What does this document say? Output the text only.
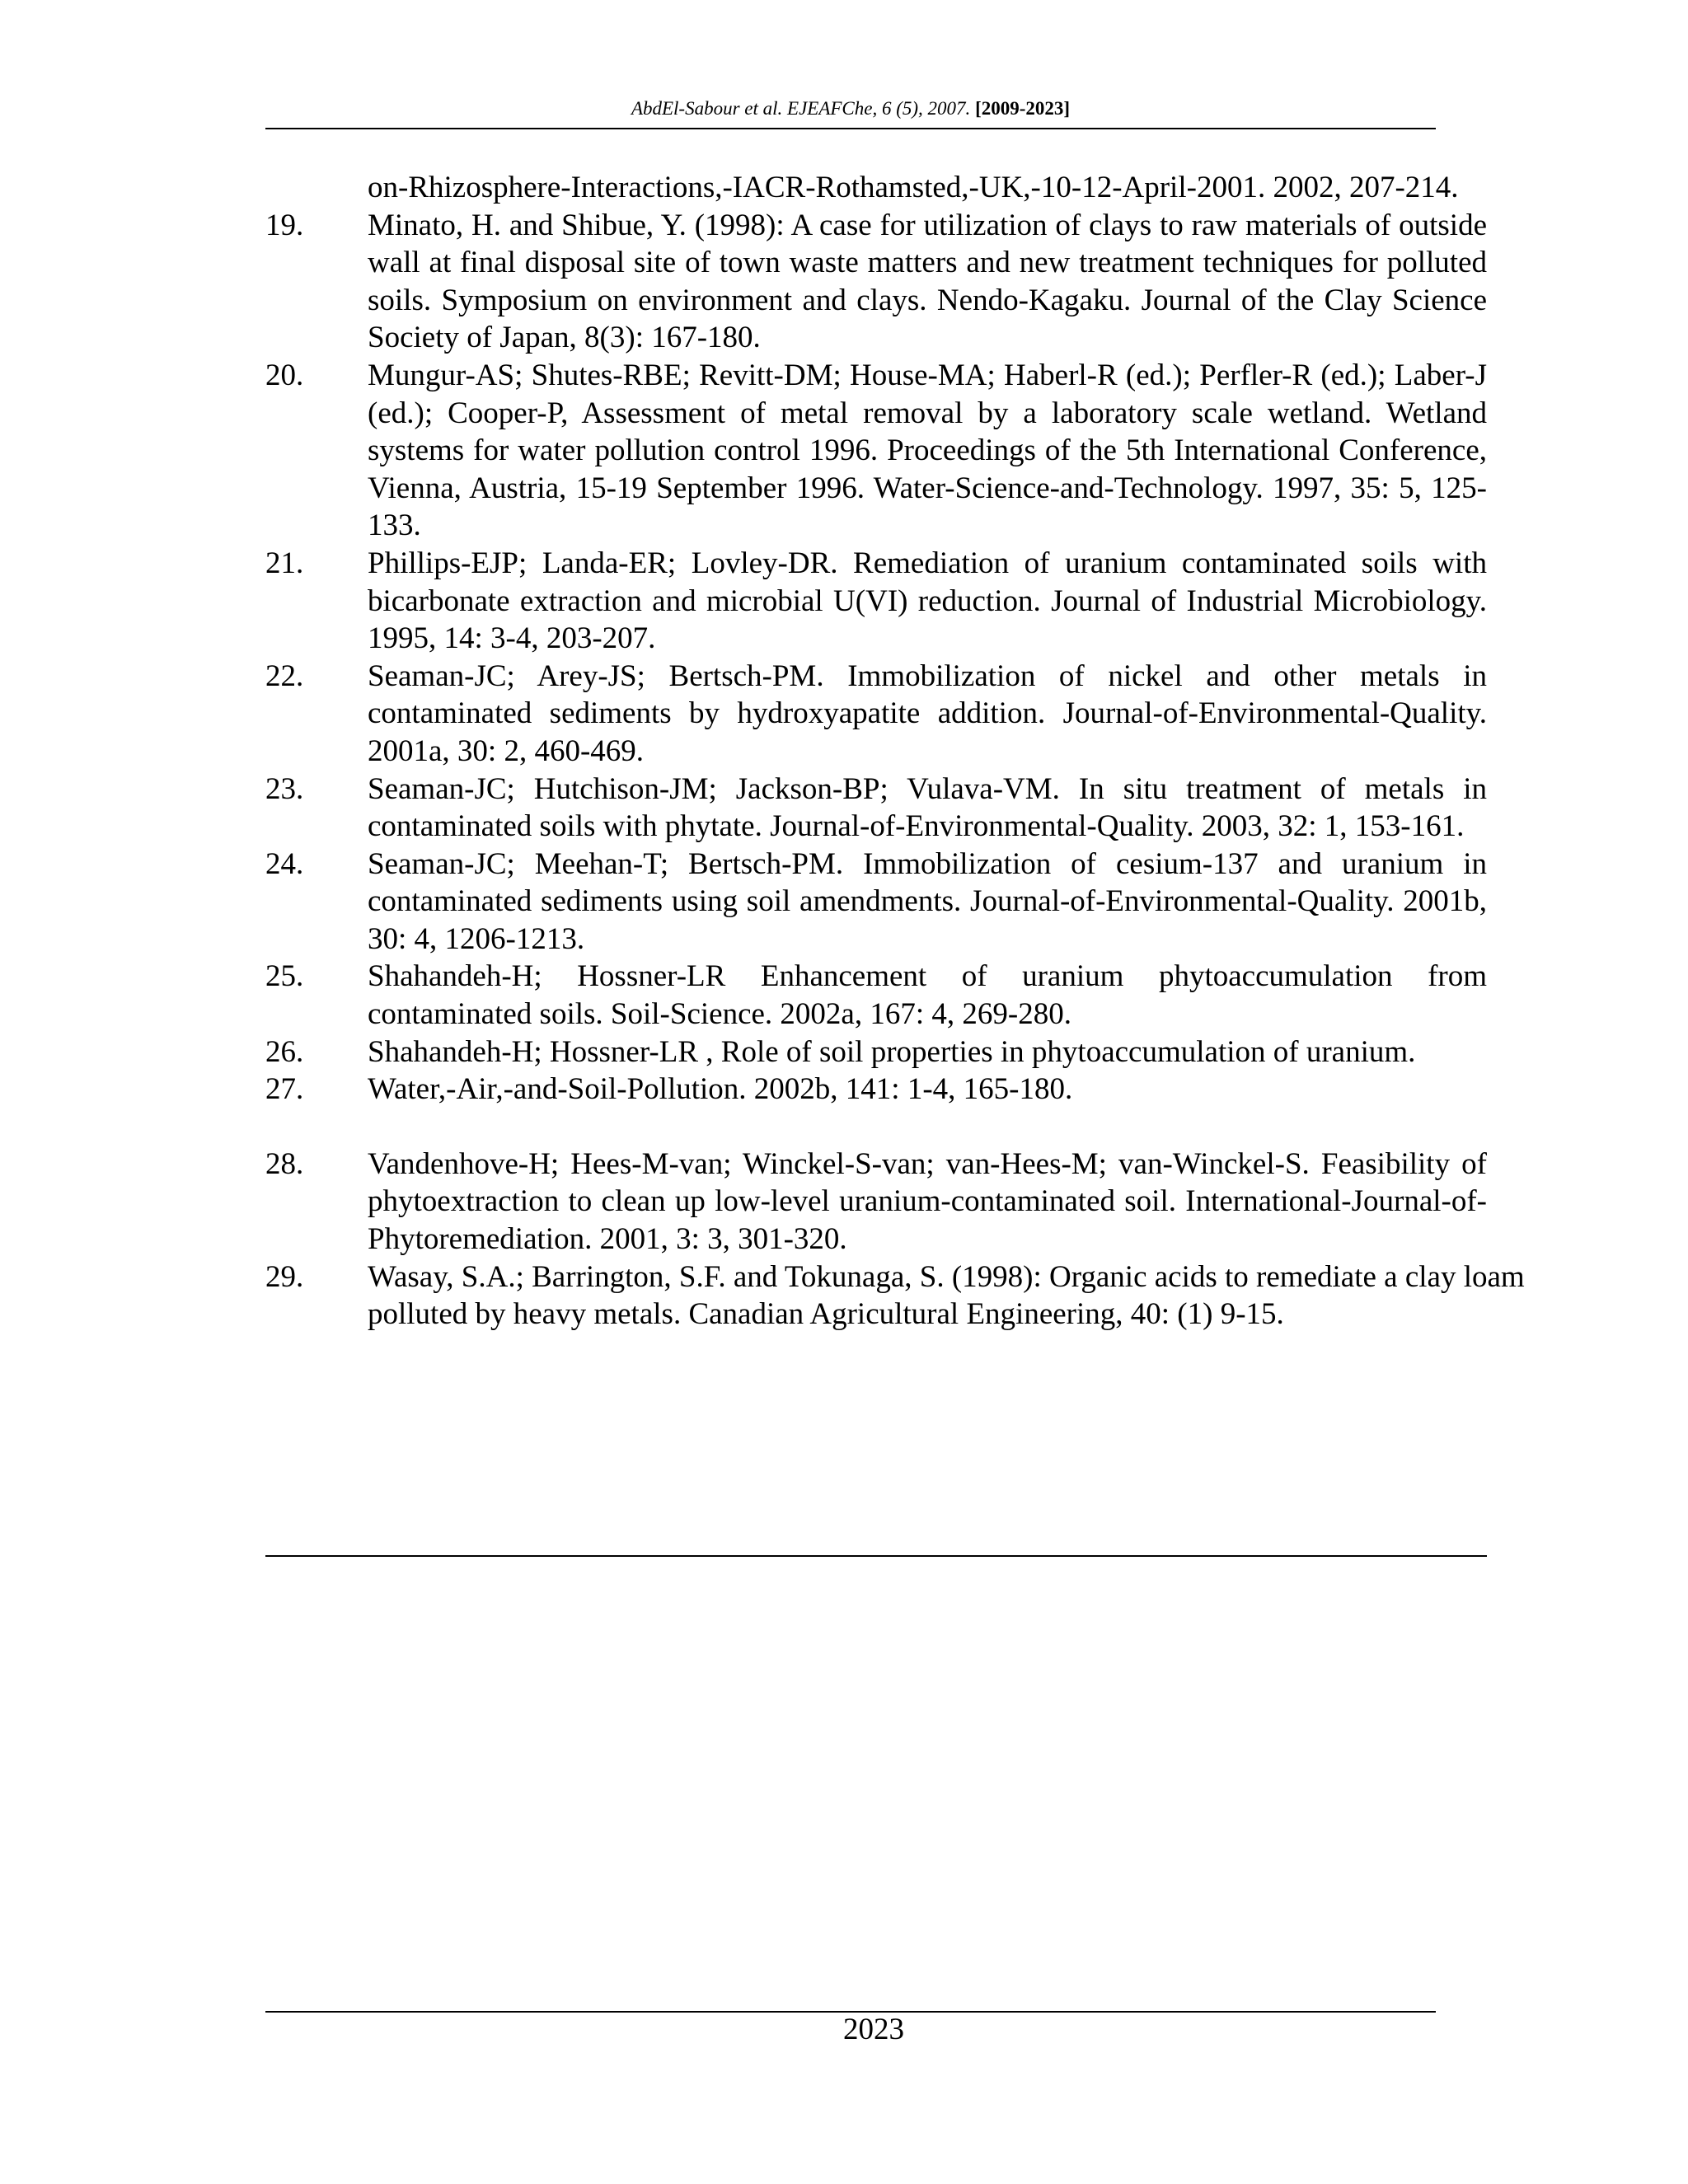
AbdEl-Sabour et al. EJEAFChe, 6 (5), 2007. [2009-2023]
on-Rhizosphere-Interactions,-IACR-Rothamsted,-UK,-10-12-April-2001. 2002, 207-214.
19. Minato, H. and Shibue, Y. (1998): A case for utilization of clays to raw materials of outside wall at final disposal site of town waste matters and new treatment techniques for polluted soils. Symposium on environment and clays. Nendo-Kagaku. Journal of the Clay Science Society of Japan, 8(3): 167-180.
20. Mungur-AS; Shutes-RBE; Revitt-DM; House-MA; Haberl-R (ed.); Perfler-R (ed.); Laber-J (ed.); Cooper-P, Assessment of metal removal by a laboratory scale wetland. Wetland systems for water pollution control 1996. Proceedings of the 5th International Conference, Vienna, Austria, 15-19 September 1996. Water-Science-and-Technology. 1997, 35: 5, 125-133.
21. Phillips-EJP; Landa-ER; Lovley-DR. Remediation of uranium contaminated soils with bicarbonate extraction and microbial U(VI) reduction. Journal of Industrial Microbiology. 1995, 14: 3-4, 203-207.
22. Seaman-JC; Arey-JS; Bertsch-PM. Immobilization of nickel and other metals in contaminated sediments by hydroxyapatite addition. Journal-of-Environmental-Quality. 2001a, 30: 2, 460-469.
23. Seaman-JC; Hutchison-JM; Jackson-BP; Vulava-VM. In situ treatment of metals in contaminated soils with phytate. Journal-of-Environmental-Quality. 2003, 32: 1, 153-161.
24. Seaman-JC; Meehan-T; Bertsch-PM. Immobilization of cesium-137 and uranium in contaminated sediments using soil amendments. Journal-of-Environmental-Quality. 2001b, 30: 4, 1206-1213.
25. Shahandeh-H; Hossner-LR Enhancement of uranium phytoaccumulation from contaminated soils. Soil-Science. 2002a, 167: 4, 269-280.
26. Shahandeh-H; Hossner-LR , Role of soil properties in phytoaccumulation of uranium.
27. Water,-Air,-and-Soil-Pollution. 2002b, 141: 1-4, 165-180.
28. Vandenhove-H; Hees-M-van; Winckel-S-van; van-Hees-M; van-Winckel-S. Feasibility of phytoextraction to clean up low-level uranium-contaminated soil. International-Journal-of-Phytoremediation. 2001, 3: 3, 301-320.
29. Wasay, S.A.; Barrington, S.F. and Tokunaga, S. (1998): Organic acids to remediate a clay loam polluted by heavy metals. Canadian Agricultural Engineering, 40: (1) 9-15.
2023
